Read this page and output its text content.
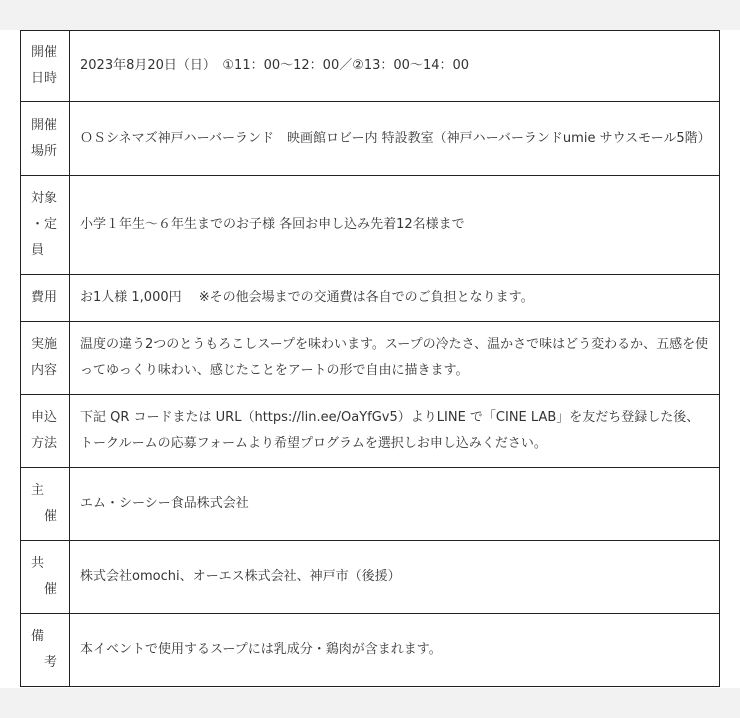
開催
日時	2023年8月20日（日）　①11：00〜12：00／②13：00〜14：00

開催
場所	ＯＳシネマズ神戸ハーバーランド　映画館ロビー内 特設教室（神戸ハーバーランドumie サウスモール5階）

対象
・定
員	小学１年生〜６年生までのお子様 各回お申し込み先着12名様まで

費用	お1人様 1,000円　 ※その他会場までの交通費は各自でのご負担となります。

実施
内容	温度の違う2つのとうもろこしスープを味わいます。スープの冷たさ、温かさで味はどう変わるか、五感を使ってゆっくり味わい、感じたことをアートの形で自由に描きます。

申込
方法	下記 QR コードまたは URL（https://lin.ee/OaYfGv5）よりLINE で「CINE LAB」を友だち登録した後、トークルームの応募フォームより希望プログラムを選択しお申し込みください。

主
　催	エム・シーシー食品株式会社

共
　催	株式会社omochi、オーエス株式会社、神戸市（後援）

備
　考	本イベントで使用するスープには乳成分・鶏肉が含まれます。
